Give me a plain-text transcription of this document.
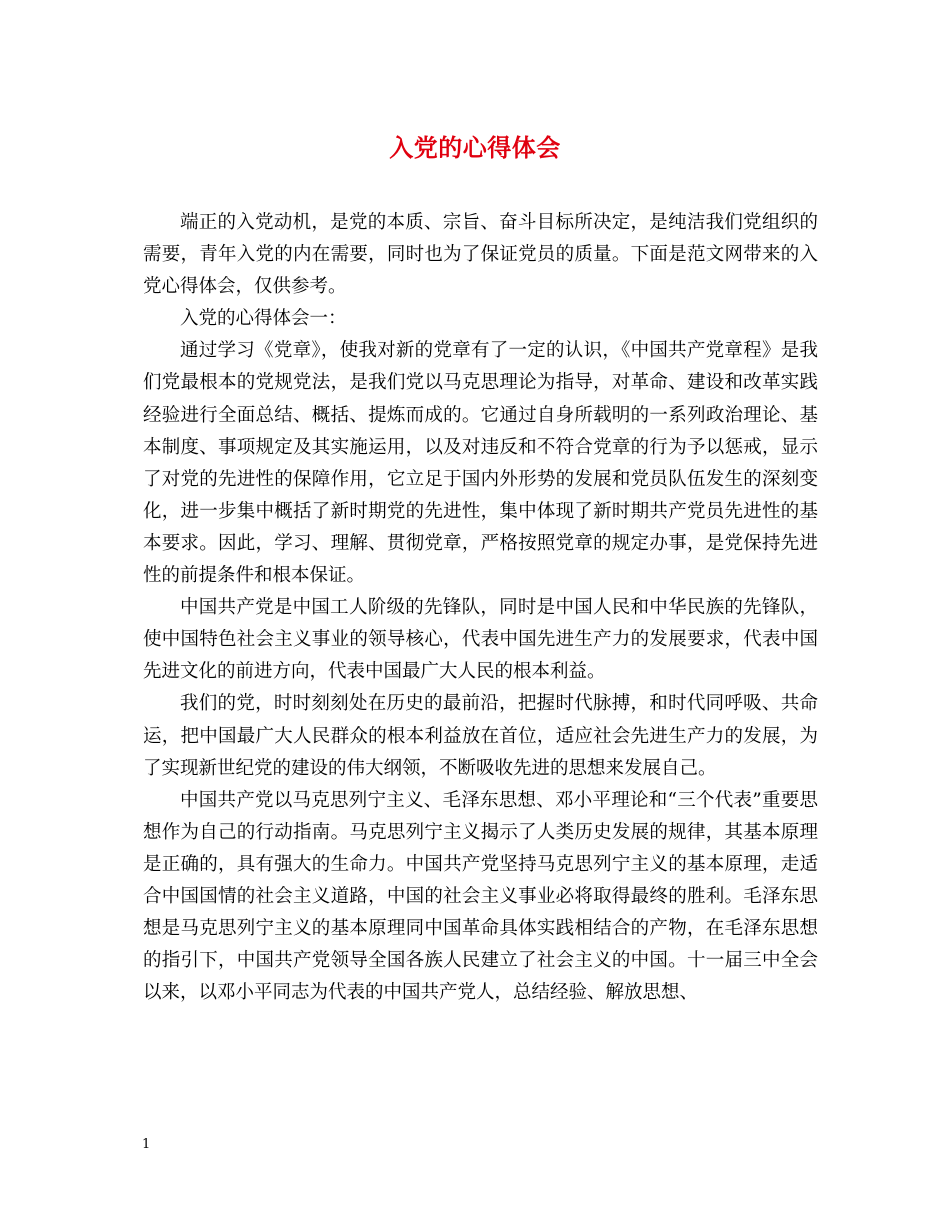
入党的心得体会

端正的入党动机，是党的本质、宗旨、奋斗目标所决定，是纯洁我们党组织的需要，青年入党的内在需要，同时也为了保证党员的质量。下面是范文网带来的入党心得体会，仅供参考。

入党的心得体会一：

通过学习《党章》，使我对新的党章有了一定的认识，《中国共产党章程》是我们党最根本的党规党法，是我们党以马克思理论为指导，对革命、建设和改革实践经验进行全面总结、概括、提炼而成的。它通过自身所载明的一系列政治理论、基本制度、事项规定及其实施运用，以及对违反和不符合党章的行为予以惩戒，显示了对党的先进性的保障作用，它立足于国内外形势的发展和党员队伍发生的深刻变化，进一步集中概括了新时期党的先进性，集中体现了新时期共产党员先进性的基本要求。因此，学习、理解、贯彻党章，严格按照党章的规定办事，是党保持先进性的前提条件和根本保证。

中国共产党是中国工人阶级的先锋队，同时是中国人民和中华民族的先锋队，使中国特色社会主义事业的领导核心，代表中国先进生产力的发展要求，代表中国先进文化的前进方向，代表中国最广大人民的根本利益。

我们的党，时时刻刻处在历史的最前沿，把握时代脉搏，和时代同呼吸、共命运，把中国最广大人民群众的根本利益放在首位，适应社会先进生产力的发展，为了实现新世纪党的建设的伟大纲领，不断吸收先进的思想来发展自己。

中国共产党以马克思列宁主义、毛泽东思想、邓小平理论和“三个代表”重要思想作为自己的行动指南。马克思列宁主义揭示了人类历史发展的规律，其基本原理是正确的，具有强大的生命力。中国共产党坚持马克思列宁主义的基本原理，走适合中国国情的社会主义道路，中国的社会主义事业必将取得最终的胜利。毛泽东思想是马克思列宁主义的基本原理同中国革命具体实践相结合的产物，在毛泽东思想的指引下，中国共产党领导全国各族人民建立了社会主义的中国。十一届三中全会以来，以邓小平同志为代表的中国共产党人，总结经验、解放思想、

1
